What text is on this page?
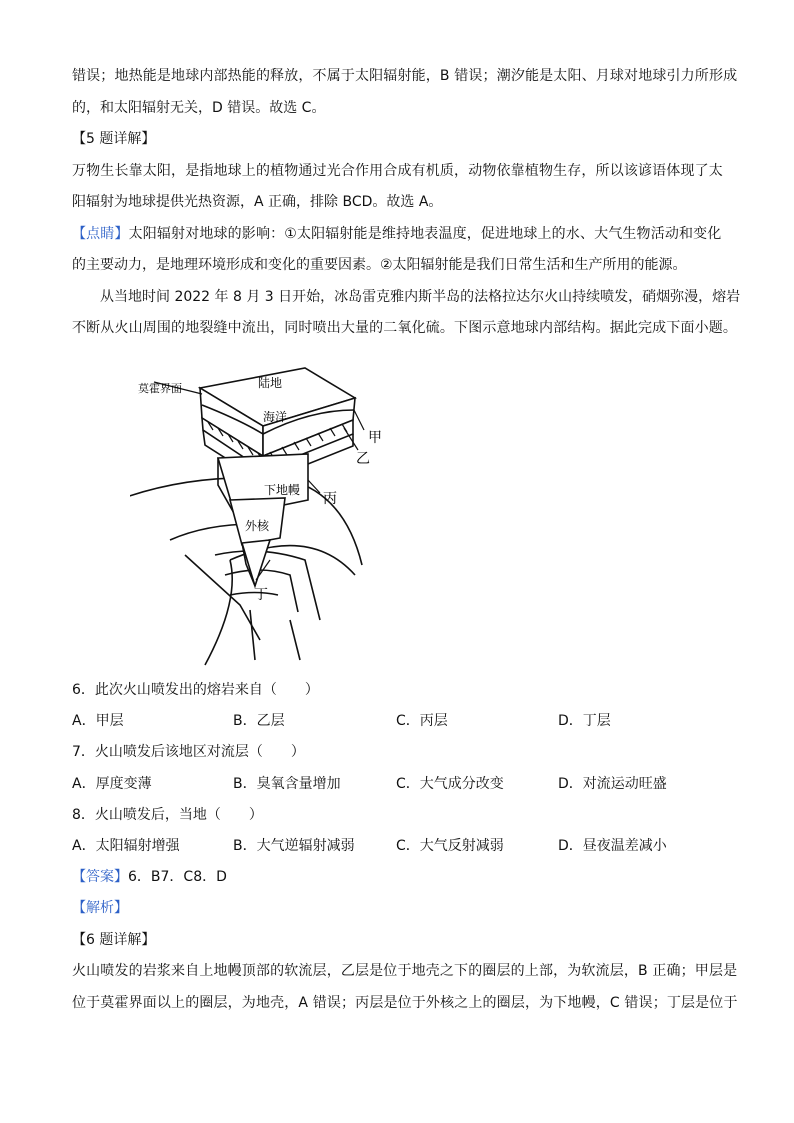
错误；地热能是地球内部热能的释放，不属于太阳辐射能，B 错误；潮汐能是太阳、月球对地球引力所形成
的，和太阳辐射无关，D 错误。故选 C。
【5 题详解】
万物生长靠太阳，是指地球上的植物通过光合作用合成有机质，动物依靠植物生存，所以该谚语体现了太
阳辐射为地球提供光热资源，A 正确，排除 BCD。故选 A。
【点睛】太阳辐射对地球的影响：①太阳辐射能是维持地表温度，促进地球上的水、大气生物活动和变化
的主要动力，是地理环境形成和变化的重要因素。②太阳辐射能是我们日常生活和生产所用的能源。
从当地时间 2022 年 8 月 3 日开始，冰岛雷克雅内斯半岛的法格拉达尔火山持续喷发，硝烟弥漫，熔岩
不断从火山周围的地裂缝中流出，同时喷出大量的二氧化硫。下图示意地球内部结构。据此完成下面小题。
莫霍界面	陆地
海洋
下地幔
外核
甲
乙
丙
丁
6．此次火山喷发出的熔岩来自（　　）
A．甲层	B．乙层	C．丙层	D．丁层
7．火山喷发后该地区对流层（　　）
A．厚度变薄	B．臭氧含量增加	C．大气成分改变	D．对流运动旺盛
8．火山喷发后，当地（　　）
A．太阳辐射增强	B．大气逆辐射减弱	C．大气反射减弱	D．昼夜温差减小
【答案】6．B7．C8．D
【解析】
【6 题详解】
火山喷发的岩浆来自上地幔顶部的软流层，乙层是位于地壳之下的圈层的上部，为软流层，B 正确；甲层是
位于莫霍界面以上的圈层，为地壳，A 错误；丙层是位于外核之上的圈层，为下地幔，C 错误；丁层是位于
